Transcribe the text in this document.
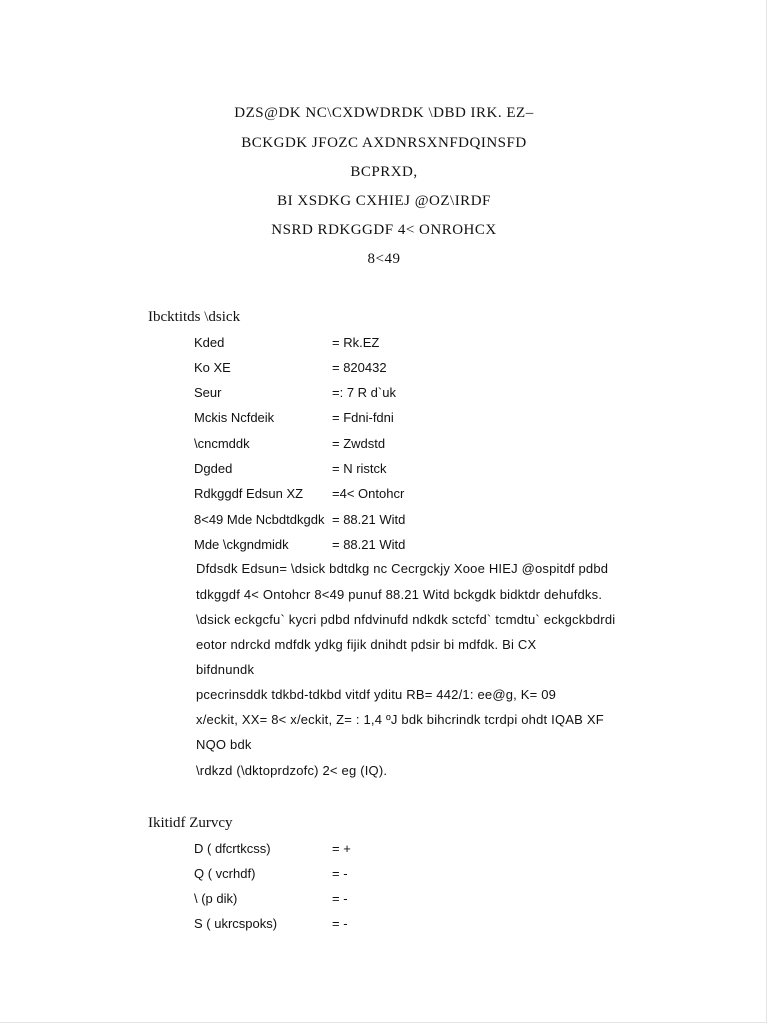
DZS@DK NC\CXDWDRDK \DBD IRK. EZ–
BCKGDK JFOZC AXDNRSXNFDQINSFD
BCPRXD,
BI XSDKG CXHIEJ @OZ\IRDF
NSRD RDKGGDF 4< ONROHCX
8<49
Ibcktitds \dsick
Kded	= Rk.EZ
Ko XE	= 820432
Seur	=: 7 R d`uk
Mckis Ncfdeik	= Fdni-fdni
\cncmddk	= Zwdstd
Dgded	= N ristck
Rdkggdf Edsun XZ =4< Ontohcr
8<49 Mde Ncbdtdkgdk = 88.21 Witd
Mde \ckgndmidk	= 88.21 Witd
Dfdsdk Edsun= \dsick bdtdkg nc Cecrgckjy Xooe HIEJ @ospitdf pdbd
tdkggdf 4< Ontohcr 8<49 punuf 88.21 Witd bckgdk bidktdr dehufdks.
\dsick eckgcfu` kycri pdbd nfdvinufd ndkdk sctcfd` tcmdtu` eckgckbdrdi
eotor ndrckd mdfdk ydkg fijik dnihdt pdsir bi mdfdk. Bi CX
bifdnundk
pcecrinsddk tdkbd-tdkbd vitdf yditu RB= 442/1: ee@g, K= 09
x/eckit, XX= 8< x/eckit, Z= : 1,4 ºJ bdk bihcrindk tcrdpi ohdt IQAB XF
NQO bdk
\rdkzd (\dktoprdzofc) 2< eg (IQ).
Ikitidf Zurvcy
D ( dfcrtkcss)	= +
Q ( vcrhdf)	= -
\ (p dik)	= -
S ( ukrcspoks)	= -
